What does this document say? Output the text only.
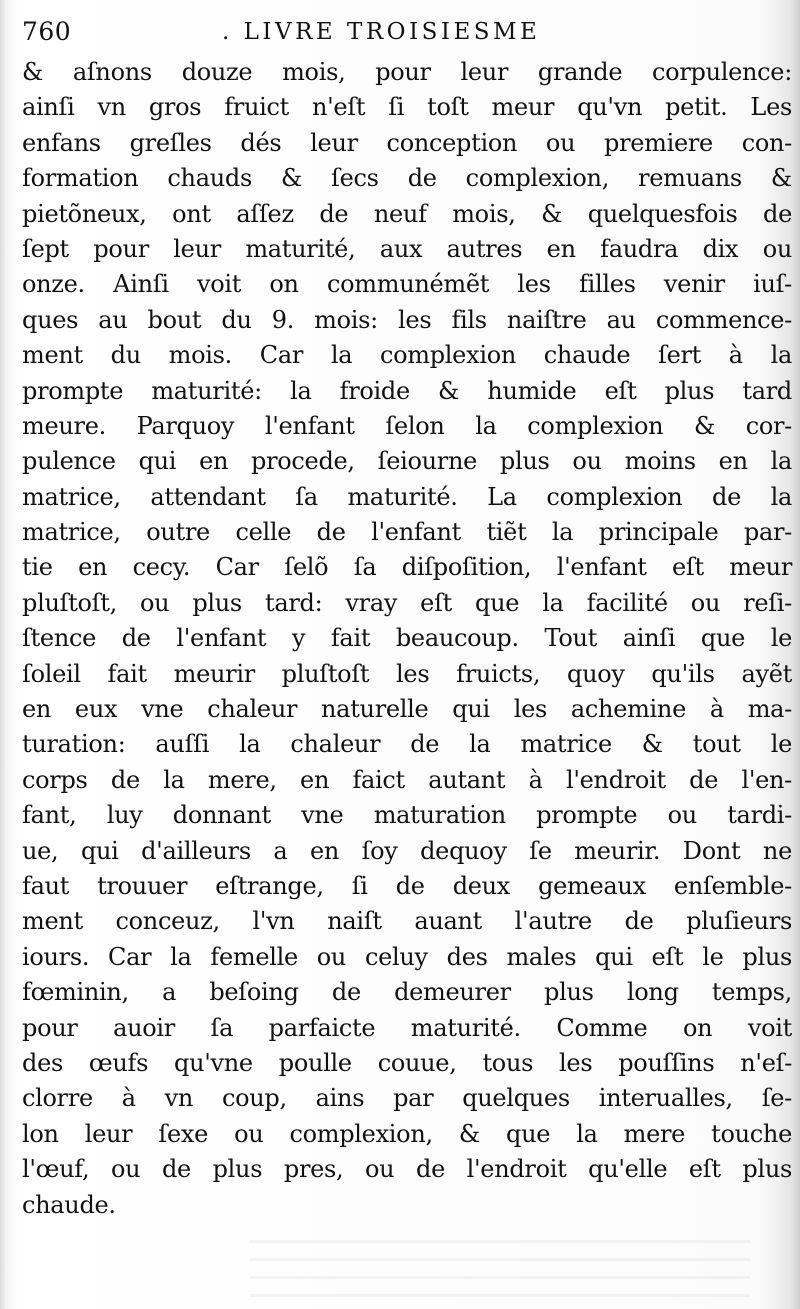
760	. LIVRE TROISIESME
& aſnons douze mois, pour leur grande corpulence:
ainſi vn gros fruict n'eſt ſi toſt meur qu'vn petit. Les
enfans greſles dés leur conception ou premiere con-
formation chauds & ſecs de complexion, remuans &
pietõneux, ont aſſez de neuf mois, & quelquesfois de
ſept pour leur maturité, aux autres en faudra dix ou
onze. Ainſi voit on communémẽt les filles venir iuſ-
ques au bout du 9. mois: les fils naiſtre au commence-
ment du mois. Car la complexion chaude ſert à la
prompte maturité: la froide & humide eſt plus tard
meure. Parquoy l'enfant ſelon la complexion & cor-
pulence qui en procede, ſeiourne plus ou moins en la
matrice, attendant ſa maturité. La complexion de la
matrice, outre celle de l'enfant tiẽt la principale par-
tie en cecy. Car ſelõ ſa diſpoſition, l'enfant eſt meur
pluſtoſt, ou plus tard: vray eſt que la facilité ou reſi-
ſtence de l'enfant y fait beaucoup. Tout ainſi que le
ſoleil fait meurir pluſtoſt les fruicts, quoy qu'ils ayẽt
en eux vne chaleur naturelle qui les achemine à ma-
turation: auſſi la chaleur de la matrice & tout le
corps de la mere, en faict autant à l'endroit de l'en-
fant, luy donnant vne maturation prompte ou tardi-
ue, qui d'ailleurs a en ſoy dequoy ſe meurir. Dont ne
faut trouuer eſtrange, ſi de deux gemeaux enſemble-
ment conceuz, l'vn naiſt auant l'autre de pluſieurs
iours. Car la femelle ou celuy des males qui eſt le plus
fœminin, a beſoing de demeurer plus long temps,
pour auoir ſa parfaicte maturité. Comme on voit
des œufs qu'vne poulle couue, tous les pouſſins n'eſ-
clorre à vn coup, ains par quelques interualles, ſe-
lon leur ſexe ou complexion, & que la mere touche
l'œuf, ou de plus pres, ou de l'endroit qu'elle eſt plus
chaude.
